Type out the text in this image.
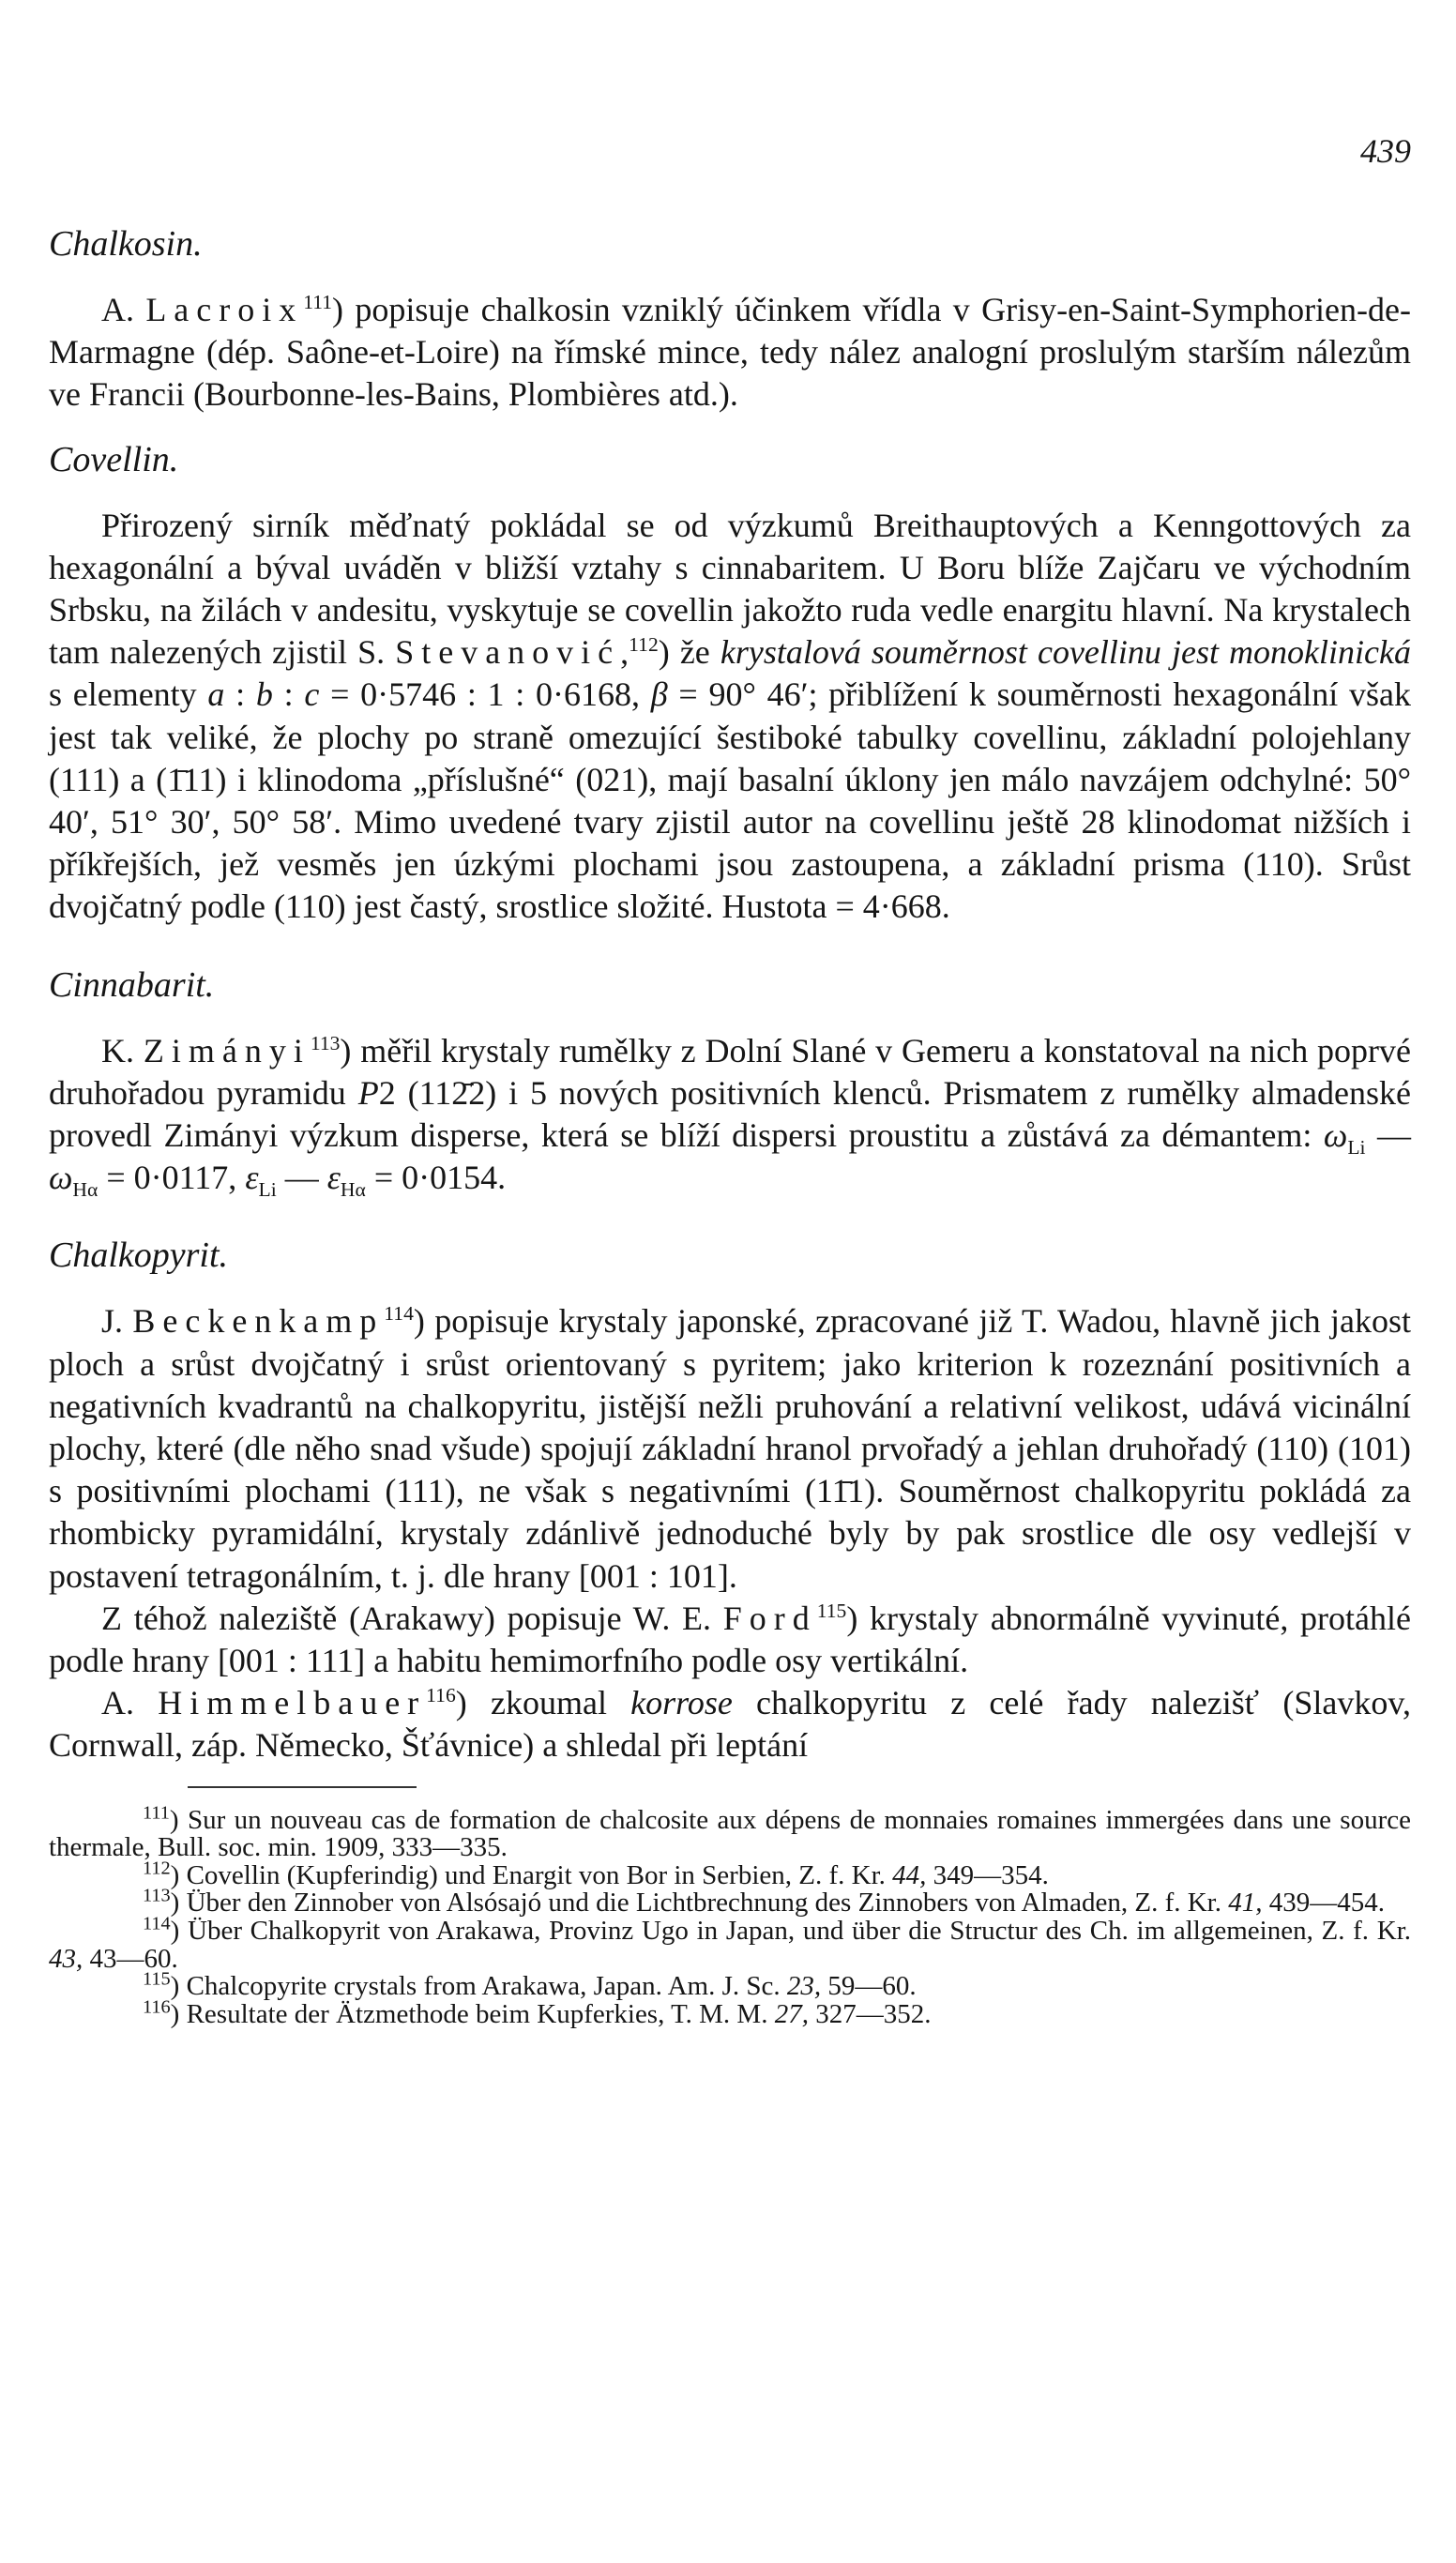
439
Chalkosin.

A. Lacroix$^{111}$) popisuje chalkosin vzniklý účinkem vřídla v Grisy-en-Saint-Symphorien-de-Marmagne (dép. Saône-et-Loire) na římské mince, tedy nález analogní proslulým starším nálezům ve Francii (Bourbonne-les-Bains, Plombières atd.).

Covellin.

Přirozený sirník měďnatý pokládal se od výzkumů Breithauptových a Kenngottových za hexagonální a býval uváděn v bližší vztahy s cinnabaritem. U Boru blíže Zajčaru ve východním Srbsku, na žilách v andesitu, vyskytuje se covellin jakožto ruda vedle enargitu hlavní. Na krystalech tam nalezených zjistil S. Stevanović,$^{112}$) že krystalová souměrnost covellinu jest monoklinická s elementy a : b : c = 0·5746 : 1 : 0·6168, β = 90° 46′; přiblížení k souměrnosti hexagonální však jest tak veliké, že plochy po straně omezující šestiboké tabulky covellinu, základní polojehlany (111) a (1̄11) i klinodoma „příslušné“ (021), mají basalní úklony jen málo navzájem odchylné: 50° 40′, 51° 30′, 50° 58′. Mimo uvedené tvary zjistil autor na covellinu ještě 28 klinodomat nižších i příkřejších, jež vesměs jen úzkými plochami jsou zastoupena, a základní prisma (110). Srůst dvojčatný podle (110) jest častý, srostlice složité. Hustota = 4·668.

Cinnabarit.

K. Zimányi$^{113}$) měřil krystaly rumělky z Dolní Slané v Gemeru a konstatoval na nich poprvé druhořadou pyramidu P2 (112̄2) i 5 nových positivních klenců. Prismatem z rumělky almadenské provedl Zimányi výzkum disperse, která se blíží dispersi proustitu a zůstává za démantem: $\omega_{Li}$ — $\omega_{H\alpha} = 0\cdot 0117$, $\varepsilon_{Li}$ — $\varepsilon_{H\alpha} = 0\cdot 0154$.

Chalkopyrit.

J. Beckenkamp$^{114}$) popisuje krystaly japonské, zpracované již T. Wadou, hlavně jich jakost ploch a srůst dvojčatný i srůst orientovaný s pyritem; jako kriterion k rozeznání positivních a negativních kvadrantů na chalkopyritu, jistější nežli pruhování a relativní velikost, udává vicinální plochy, které (dle něho snad všude) spojují základní hranol prvořadý a jehlan druhořadý (110) (101) s positivními plochami (111), ne však s negativními (11̄1). Souměrnost chalkopyritu pokládá za rhombicky pyramidální, krystaly zdánlivě jednoduché byly by pak srostlice dle osy vedlejší v postavení tetragonálním, t. j. dle hrany [001 : 101].

Z téhož naleziště (Arakawy) popisuje W. E. Ford$^{115}$) krystaly abnormálně vyvinuté, protáhlé podle hrany [001 : 111] a habitu hemimorfního podle osy vertikální.

A. Himmelbauer$^{116}$) zkoumal korrose chalkopyritu z celé řady nalezišť (Slavkov, Cornwall, záp. Německo, Šťávnice) a shledal při leptání

$^{111}$) Sur un nouveau cas de formation de chalcosite aux dépens de monnaies romaines immergées dans une source thermale, Bull. soc. min. 1909, 333—335.

$^{112}$) Covellin (Kupferindig) und Enargit von Bor in Serbien, Z. f. Kr. 44, 349—354.

$^{113}$) Über den Zinnober von Alsósajó und die Lichtbrechnung des Zinnobers von Almaden, Z. f. Kr. 41, 439—454.

$^{114}$) Über Chalkopyrit von Arakawa, Provinz Ugo in Japan, und über die Structur des Ch. im allgemeinen, Z. f. Kr. 43, 43—60.

$^{115}$) Chalcopyrite crystals from Arakawa, Japan. Am. J. Sc. 23, 59—60.

$^{116}$) Resultate der Ätzmethode beim Kupferkies, T. M. M. 27, 327—352.
